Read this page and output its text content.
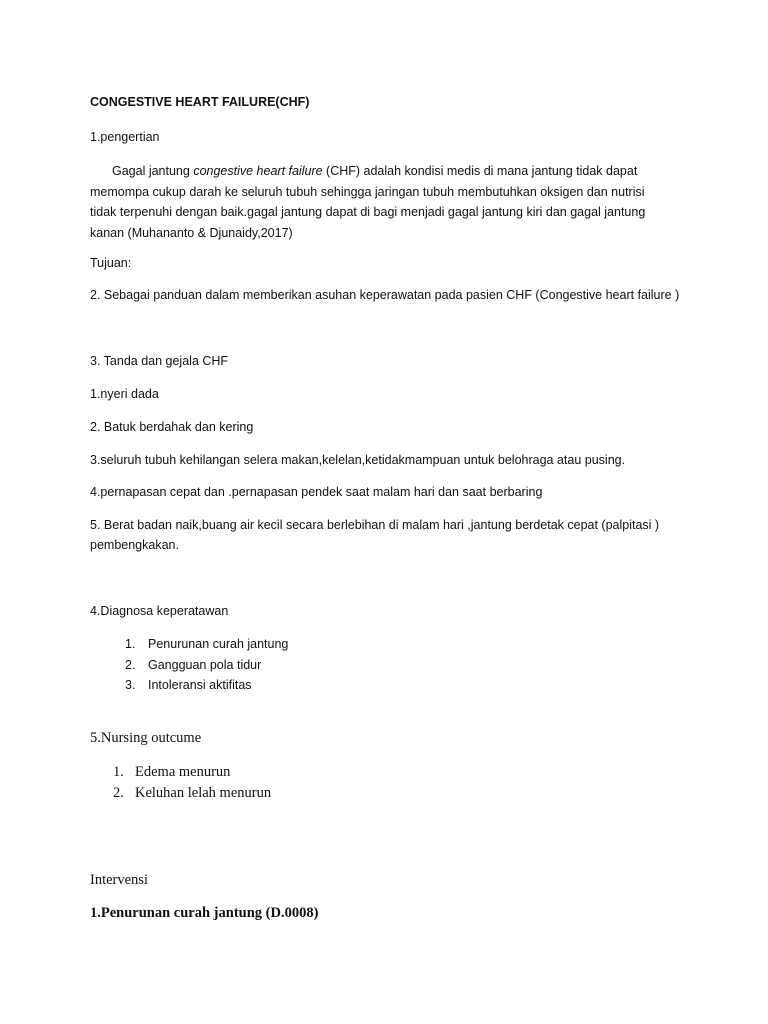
CONGESTIVE HEART FAILURE(CHF)

1.pengertian

Gagal jantung congestive heart failure (CHF) adalah kondisi medis di mana jantung tidak dapat
memompa cukup darah ke seluruh tubuh sehingga jaringan tubuh membutuhkan oksigen dan nutrisi
tidak terpenuhi dengan baik.gagal jantung dapat di bagi menjadi gagal jantung kiri dan gagal jantung
kanan (Muhananto & Djunaidy,2017)

Tujuan:

2. Sebagai panduan dalam memberikan asuhan keperawatan pada pasien CHF (Congestive heart failure )

3. Tanda dan gejala CHF

1.nyeri dada

2. Batuk berdahak dan kering

3.seluruh tubuh kehilangan selera makan,kelelan,ketidakmampuan untuk belohraga atau pusing.

4.pernapasan cepat dan .pernapasan pendek saat malam hari dan saat berbaring

5. Berat badan naik,buang air kecil secara berlebihan di malam hari ,jantung berdetak cepat (palpitasi )

pembengkakan.

4.Diagnosa keperatawan

1. Penurunan curah jantung
2. Gangguan pola tidur
3. Intoleransi aktifitas

5.Nursing outcume

1. Edema menurun
2. Keluhan lelah menurun

Intervensi

1.Penurunan curah jantung (D.0008)
